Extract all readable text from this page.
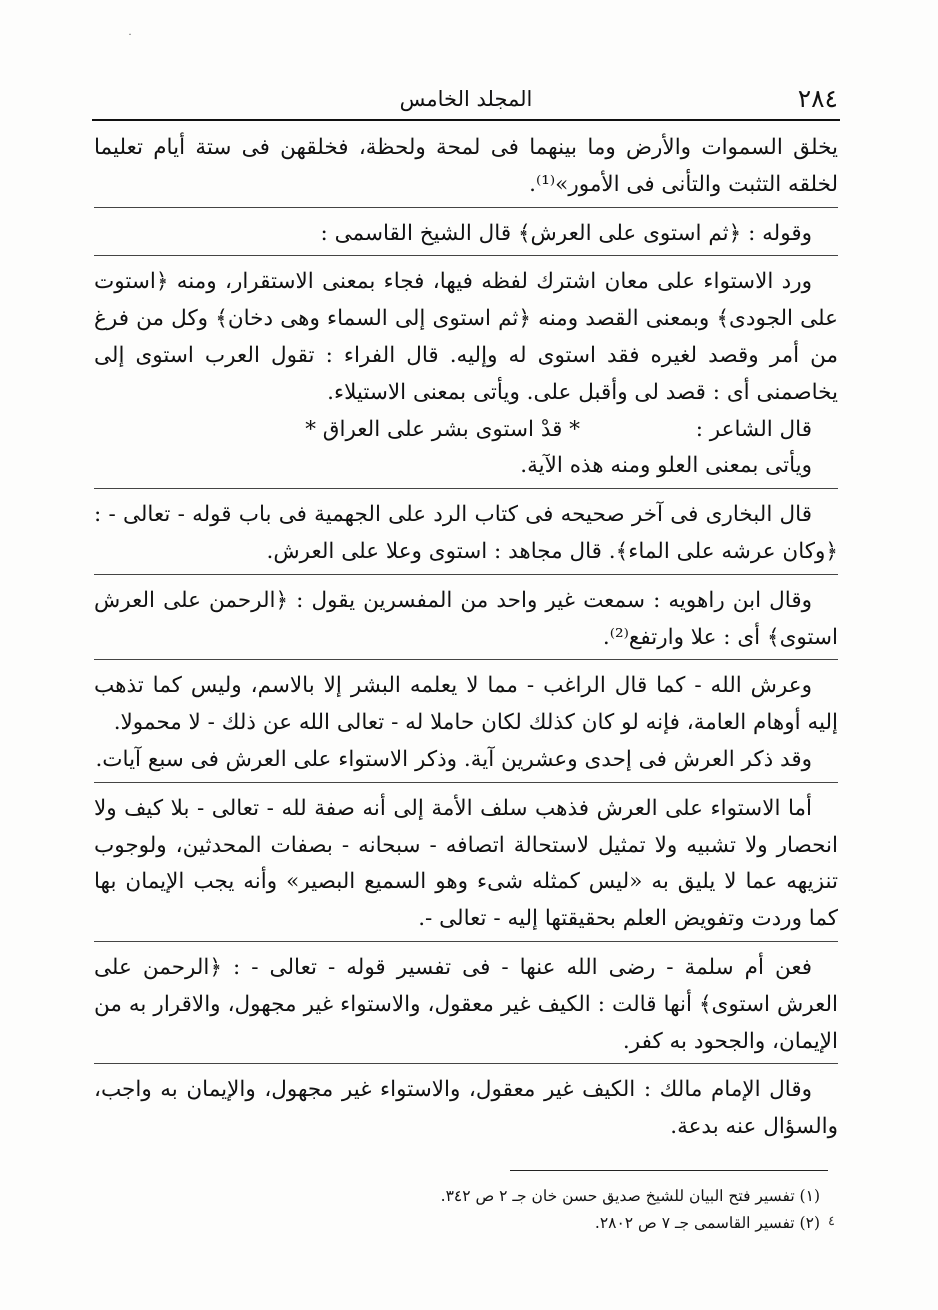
˙
٢٨٤
المجلد الخامس

يخلق السموات والأرض وما بينهما فى لمحة ولحظة، فخلقهن فى ستة أيام تعليما لخلقه التثبت والتأنى فى الأمور»⁽¹⁾.

وقوله : ﴿ثم استوى على العرش﴾ قال الشيخ القاسمى :

ورد الاستواء على معان اشترك لفظه فيها، فجاء بمعنى الاستقرار، ومنه ﴿استوت على الجودى﴾ وبمعنى القصد ومنه ﴿ثم استوى إلى السماء وهى دخان﴾ وكل من فرغ من أمر وقصد لغيره فقد استوى له وإليه. قال الفراء : تقول العرب استوى إلى يخاصمنى أى : قصد لى وأقبل على. ويأتى بمعنى الاستيلاء.

قال الشاعر :
* قدْ استوى بشر على العراق *

ويأتى بمعنى العلو ومنه هذه الآية.

قال البخارى فى آخر صحيحه فى كتاب الرد على الجهمية فى باب قوله - تعالى - : ﴿وكان عرشه على الماء﴾. قال مجاهد : استوى وعلا على العرش.

وقال ابن راهويه : سمعت غير واحد من المفسرين يقول : ﴿الرحمن على العرش استوى﴾ أى : علا وارتفع⁽²⁾.

وعرش الله - كما قال الراغب - مما لا يعلمه البشر إلا بالاسم، وليس كما تذهب إليه أوهام العامة، فإنه لو كان كذلك لكان حاملا له - تعالى الله عن ذلك - لا محمولا.

وقد ذكر العرش فى إحدى وعشرين آية. وذكر الاستواء على العرش فى سبع آيات.

أما الاستواء على العرش فذهب سلف الأمة إلى أنه صفة لله - تعالى - بلا كيف ولا انحصار ولا تشبيه ولا تمثيل لاستحالة اتصافه - سبحانه - بصفات المحدثين، ولوجوب تنزيهه عما لا يليق به «ليس كمثله شىء وهو السميع البصير» وأنه يجب الإيمان بها كما وردت وتفويض العلم بحقيقتها إليه - تعالى -.

فعن أم سلمة - رضى الله عنها - فى تفسير قوله - تعالى - : ﴿الرحمن على العرش استوى﴾ أنها قالت : الكيف غير معقول، والاستواء غير مجهول، والاقرار به من الإيمان، والجحود به كفر.

وقال الإمام مالك : الكيف غير معقول، والاستواء غير مجهول، والإيمان به واجب، والسؤال عنه بدعة.

(١) تفسير فتح البيان للشيخ صديق حسن خان جـ ٢ ص ٣٤٢.

(٢) تفسير القاسمى جـ ٧ ص ٢٨٠٢. ٤
